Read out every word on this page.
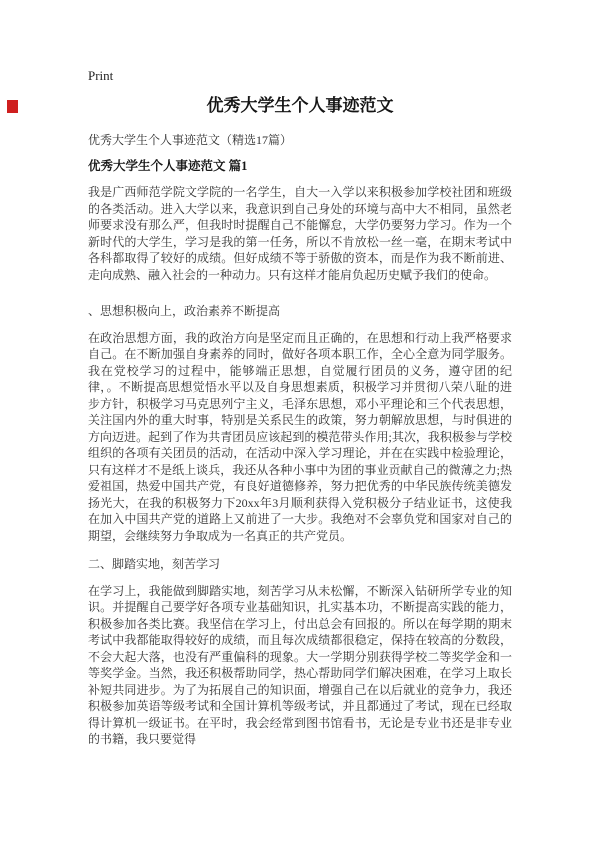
Print
优秀大学生个人事迹范文
优秀大学生个人事迹范文（精选17篇）
优秀大学生个人事迹范文 篇1

我是广西师范学院文学院的一名学生，自大一入学以来积极参加学校社团和班级的各类活动。进入大学以来，我意识到自己身处的环境与高中大不相同，虽然老师要求没有那么严，但我时时提醒自己不能懈怠，大学仍要努力学习。作为一个新时代的大学生，学习是我的第一任务，所以不肯放松一丝一毫，在期末考试中各科都取得了较好的成绩。但好成绩不等于骄傲的资本，而是作为我不断前进、走向成熟、融入社会的一种动力。只有这样才能肩负起历史赋予我们的使命。

、思想积极向上，政治素养不断提高

在政治思想方面，我的政治方向是坚定而且正确的，在思想和行动上我严格要求自己。在不断加强自身素养的同时，做好各项本职工作，全心全意为同学服务。我在党校学习的过程中，能够端正思想，自觉履行团员的义务，遵守团的纪律，。不断提高思想觉悟水平以及自身思想素质，积极学习并贯彻八荣八耻的进步方针，积极学习马克思列宁主义，毛泽东思想，邓小平理论和三个代表思想，关注国内外的重大时事，特别是关系民生的政策，努力朝解放思想，与时俱进的方向迈进。起到了作为共青团员应该起到的模范带头作用;其次，我积极参与学校组织的各项有关团员的活动，在活动中深入学习理论，并在在实践中检验理论，只有这样才不是纸上谈兵，我还从各种小事中为团的事业贡献自己的微薄之力;热爱祖国，热爱中国共产党，有良好道德修养，努力把优秀的中华民族传统美德发扬光大，在我的积极努力下20xx年3月顺利获得入党积极分子结业证书，这使我在加入中国共产党的道路上又前进了一大步。我绝对不会辜负党和国家对自己的期望，会继续努力争取成为一名真正的共产党员。

二、脚踏实地，刻苦学习

在学习上，我能做到脚踏实地，刻苦学习从未松懈，不断深入钻研所学专业的知识。并提醒自己要学好各项专业基础知识，扎实基本功，不断提高实践的能力，积极参加各类比赛。我坚信在学习上，付出总会有回报的。所以在每学期的期末考试中我都能取得较好的成绩，而且每次成绩都很稳定，保持在较高的分数段，不会大起大落，也没有严重偏科的现象。大一学期分别获得学校二等奖学金和一等奖学金。当然，我还积极帮助同学，热心帮助同学们解决困难，在学习上取长补短共同进步。为了为拓展自己的知识面，增强自己在以后就业的竞争力，我还积极参加英语等级考试和全国计算机等级考试，并且都通过了考试，现在已经取得计算机一级证书。在平时，我会经常到图书馆看书，无论是专业书还是非专业的书籍，我只要觉得
